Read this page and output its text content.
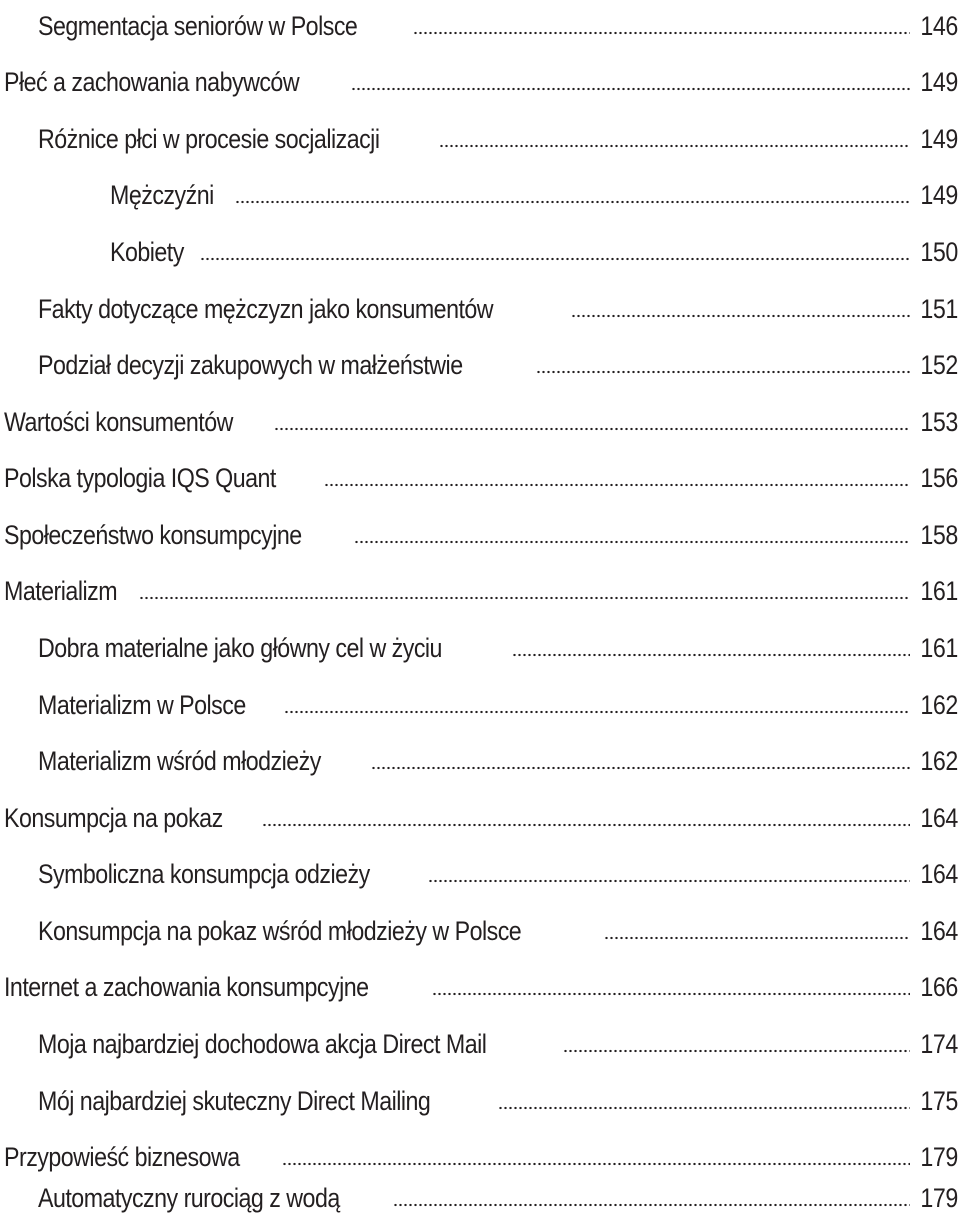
Segmentacja seniorów w Polsce	146
Płeć a zachowania nabywców	149
Różnice płci w procesie socjalizacji	149
Mężczyźni	149
Kobiety	150
Fakty dotyczące mężczyzn jako konsumentów	151
Podział decyzji zakupowych w małżeństwie	152
Wartości konsumentów	153
Polska typologia IQS Quant	156
Społeczeństwo konsumpcyjne	158
Materializm	161
Dobra materialne jako główny cel w życiu	161
Materializm w Polsce	162
Materializm wśród młodzieży	162
Konsumpcja na pokaz	164
Symboliczna konsumpcja odzieży	164
Konsumpcja na pokaz wśród młodzieży w Polsce	164
Internet a zachowania konsumpcyjne	166
Moja najbardziej dochodowa akcja Direct Mail	174
Mój najbardziej skuteczny Direct Mailing	175
Przypowieść biznesowa	179
Automatyczny rurociąg z wodą	179
